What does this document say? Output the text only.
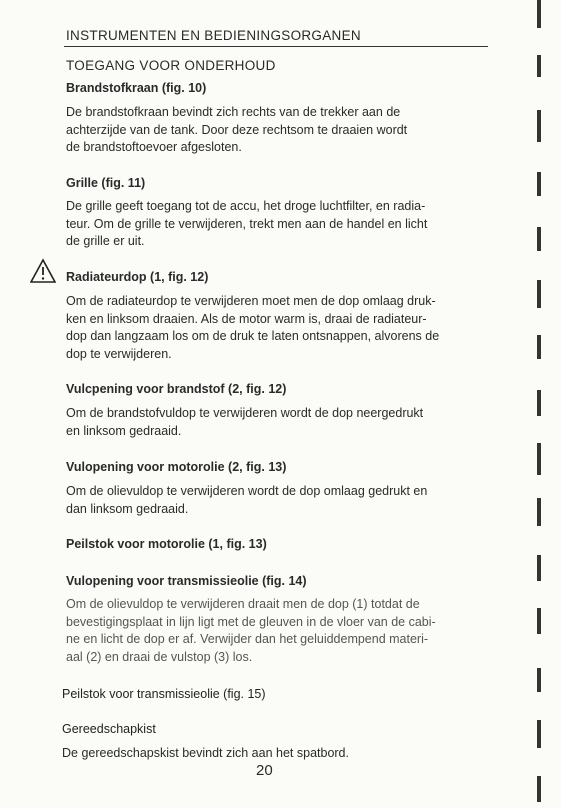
INSTRUMENTEN EN BEDIENINGSORGANEN
TOEGANG VOOR ONDERHOUD
Brandstofkraan (fig. 10)
De brandstofkraan bevindt zich rechts van de trekker aan de
achterzijde van de tank. Door deze rechtsom te draaien wordt
de brandstoftoevoer afgesloten.
Grille (fig. 11)
De grille geeft toegang tot de accu, het droge luchtfilter, en radia-
teur. Om de grille te verwijderen, trekt men aan de handel en licht
de grille er uit.
Radiateurdop (1, fig. 12)
Om de radiateurdop te verwijderen moet men de dop omlaag druk-
ken en linksom draaien. Als de motor warm is, draai de radiateur-
dop dan langzaam los om de druk te laten ontsnappen, alvorens de
dop te verwijderen.
Vulcpening voor brandstof (2, fig. 12)
Om de brandstofvuldop te verwijderen wordt de dop neergedrukt
en linksom gedraaid.
Vulopening voor motorolie (2, fig. 13)
Om de olievuldop te verwijderen wordt de dop omlaag gedrukt en
dan linksom gedraaid.
Peilstok voor motorolie (1, fig. 13)
Vulopening voor transmissieolie (fig. 14)
Om de olievuldop te verwijderen draait men de dop (1) totdat de
bevestigingsplaat in lijn ligt met de gleuven in de vloer van de cabi-
ne en licht de dop er af. Verwijder dan het geluiddempend materi-
aal (2) en draai de vulstop (3) los.
Peilstok voor transmissieolie (fig. 15)
Gereedschapkist
De gereedschapskist bevindt zich aan het spatbord.
20
